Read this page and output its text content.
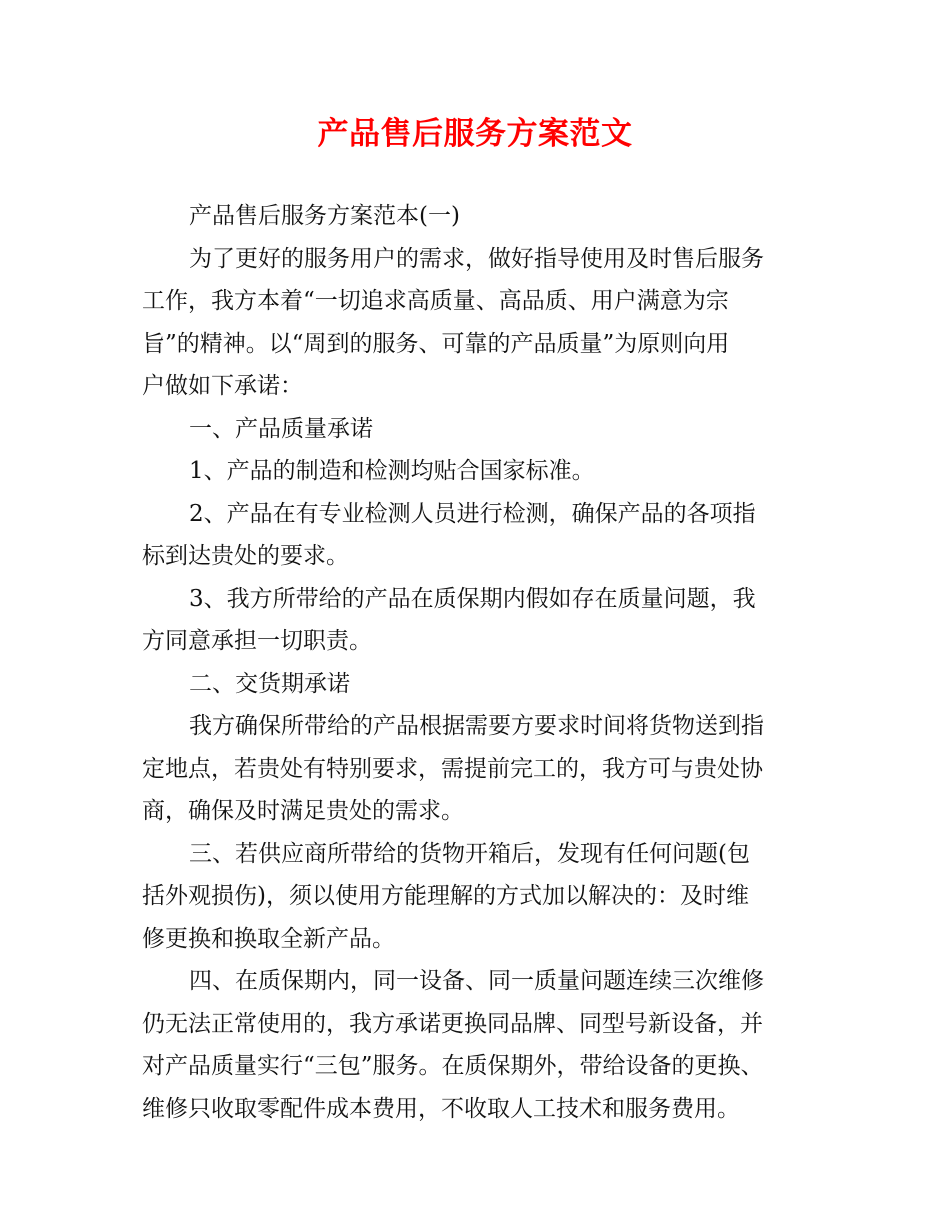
产品售后服务方案范文
产品售后服务方案范本(一)
为了更好的服务用户的需求，做好指导使用及时售后服务
工作，我方本着“一切追求高质量、高品质、用户满意为宗
旨”的精神。以“周到的服务、可靠的产品质量”为原则向用
户做如下承诺：
一、产品质量承诺
1、产品的制造和检测均贴合国家标准。
2、产品在有专业检测人员进行检测，确保产品的各项指
标到达贵处的要求。
3、我方所带给的产品在质保期内假如存在质量问题，我
方同意承担一切职责。
二、交货期承诺
我方确保所带给的产品根据需要方要求时间将货物送到指
定地点，若贵处有特别要求，需提前完工的，我方可与贵处协
商，确保及时满足贵处的需求。
三、若供应商所带给的货物开箱后，发现有任何问题(包
括外观损伤)，须以使用方能理解的方式加以解决的：及时维
修更换和换取全新产品。
四、在质保期内，同一设备、同一质量问题连续三次维修
仍无法正常使用的，我方承诺更换同品牌、同型号新设备，并
对产品质量实行“三包”服务。在质保期外，带给设备的更换、
维修只收取零配件成本费用，不收取人工技术和服务费用。
